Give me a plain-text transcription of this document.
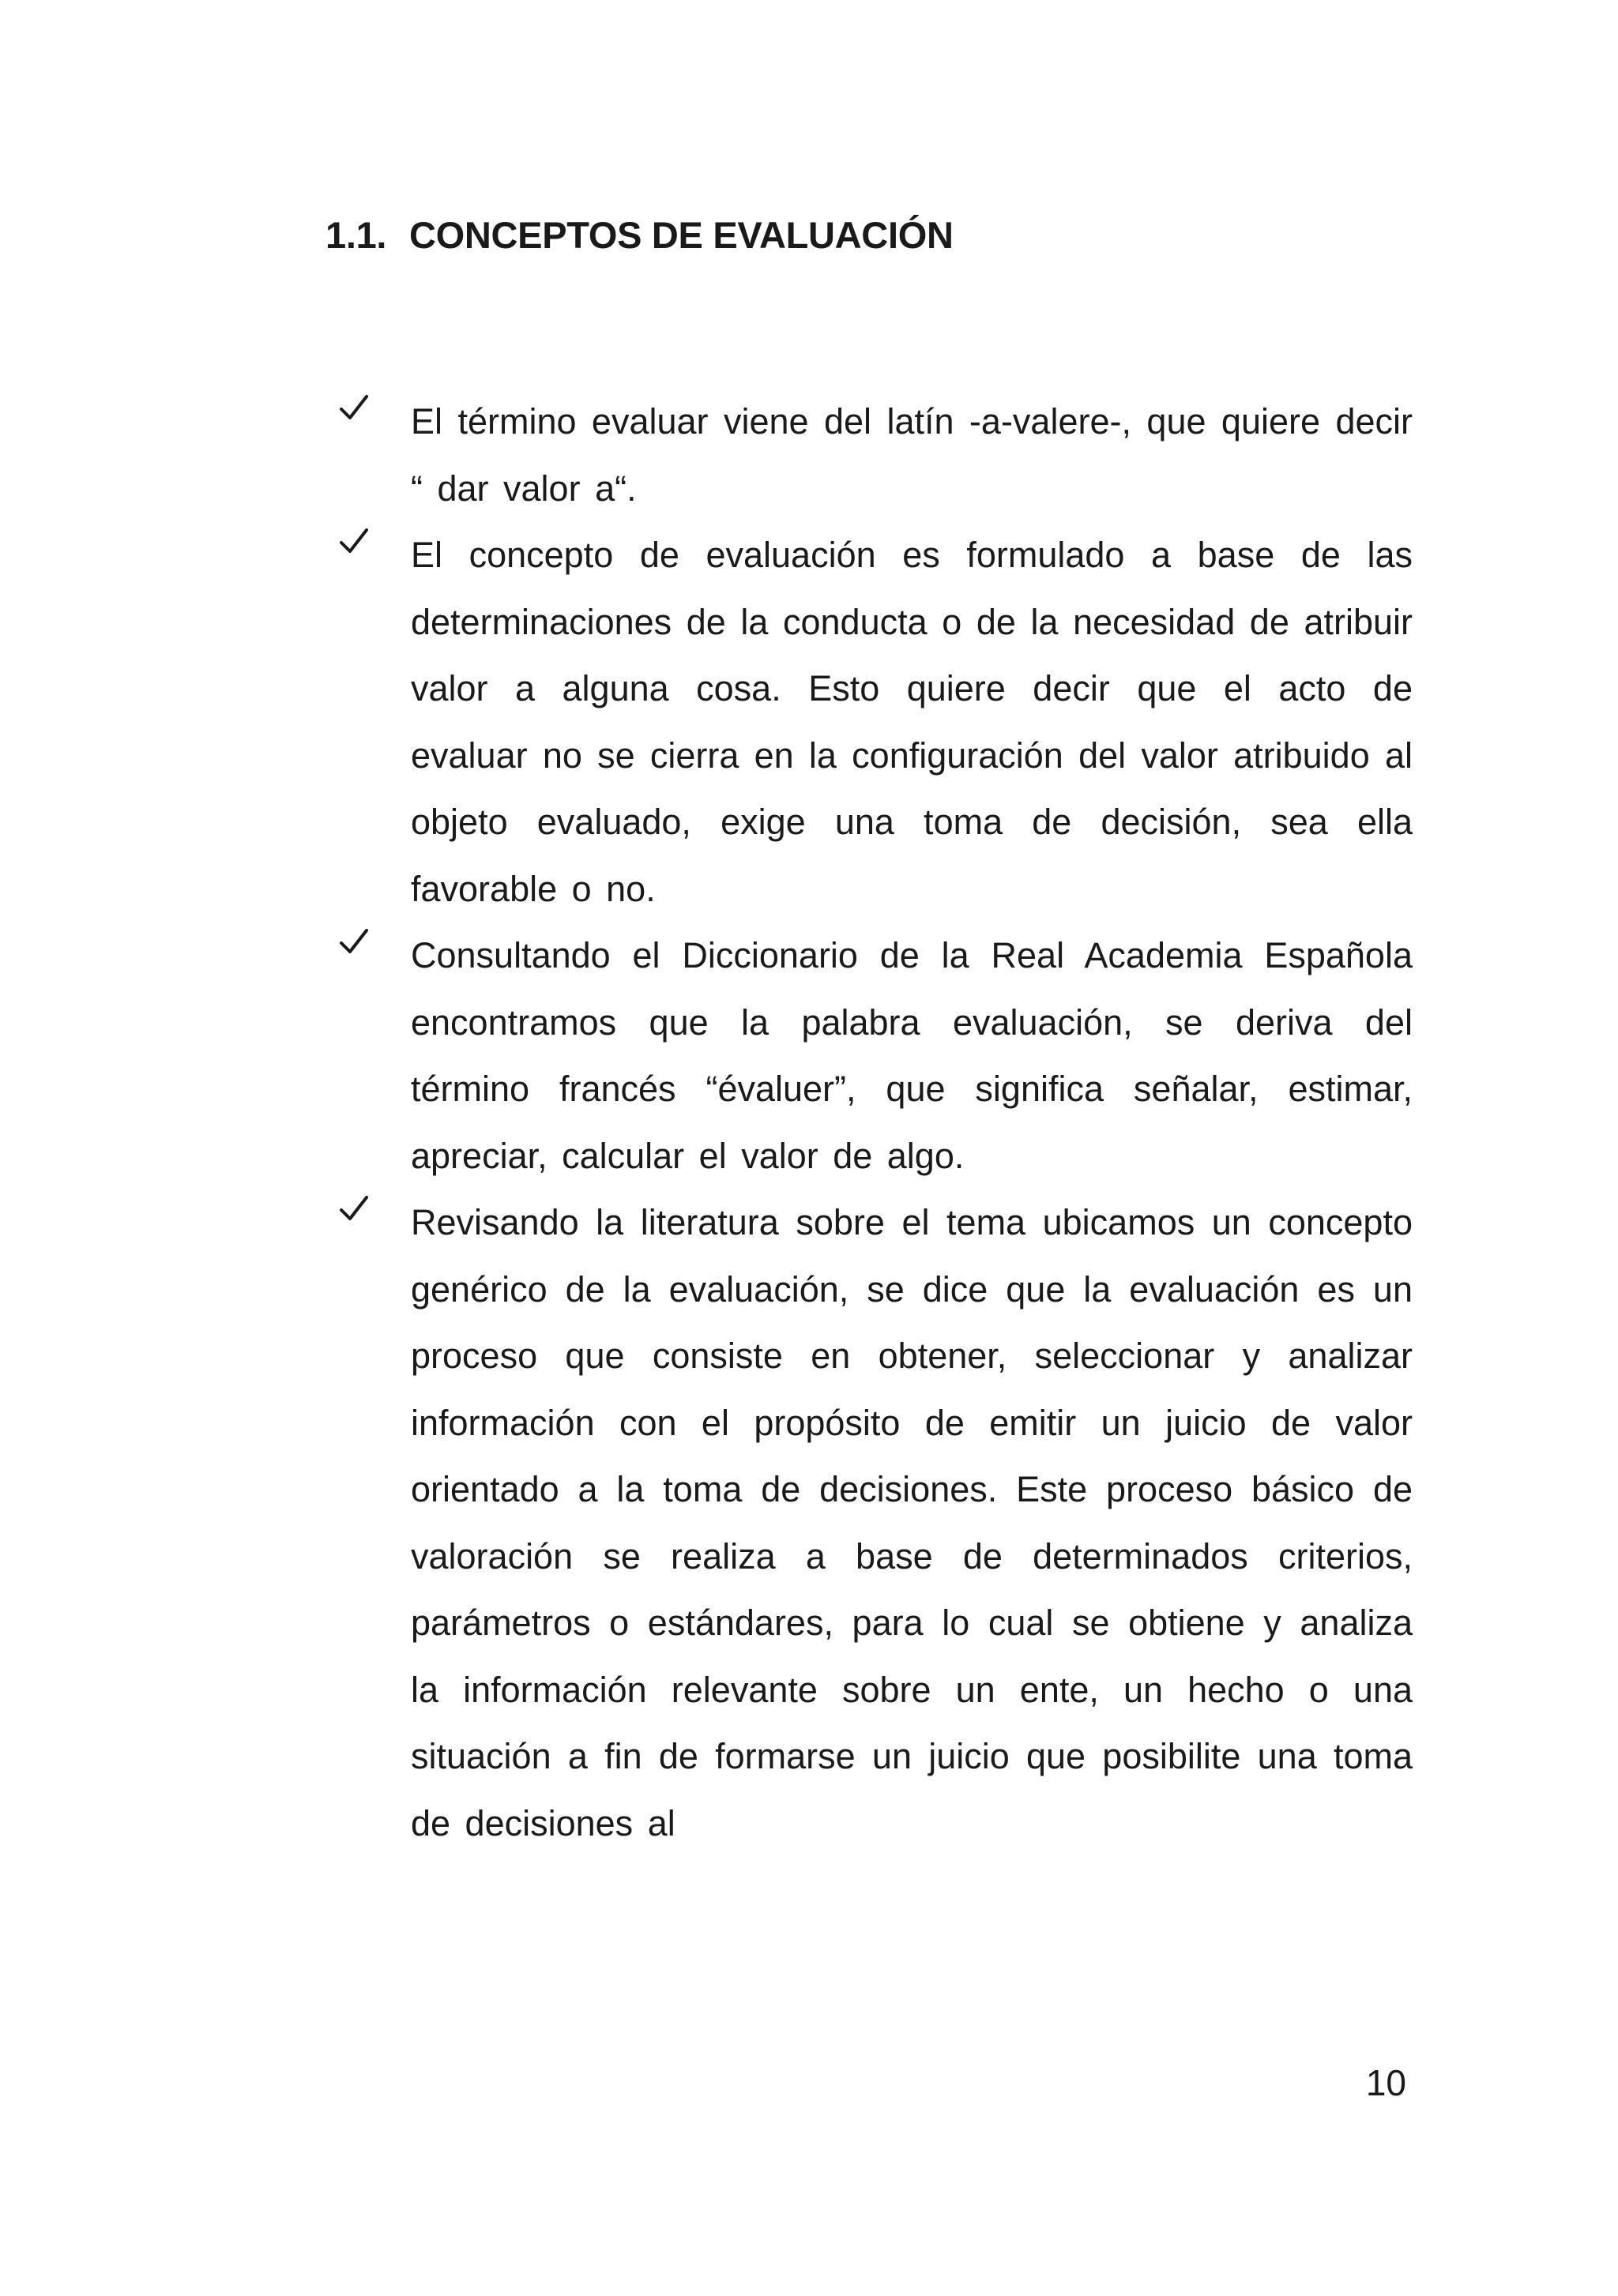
1.1. CONCEPTOS DE EVALUACIÓN

El término evaluar viene del latín -a-valere-, que quiere decir “ dar valor a“.

El concepto de evaluación es formulado a base de las determinaciones de la conducta o de la necesidad de atribuir valor a alguna cosa. Esto quiere decir que el acto de evaluar no se cierra en la configuración del valor atribuido al objeto evaluado, exige una toma de decisión, sea ella favorable o no.

Consultando el Diccionario de la Real Academia Española encontramos que la palabra evaluación, se deriva del término francés “évaluer”, que significa señalar, estimar, apreciar, calcular el valor de algo.

Revisando la literatura sobre el tema ubicamos un concepto genérico de la evaluación, se dice que la evaluación es un proceso que consiste en obtener, seleccionar y analizar información con el propósito de emitir un juicio de valor orientado a la toma de decisiones. Este proceso básico de valoración se realiza a base de determinados criterios, parámetros o estándares, para lo cual se obtiene y analiza la información relevante sobre un ente, un hecho o una situación a fin de formarse un juicio que posibilite una toma de decisiones al

10
